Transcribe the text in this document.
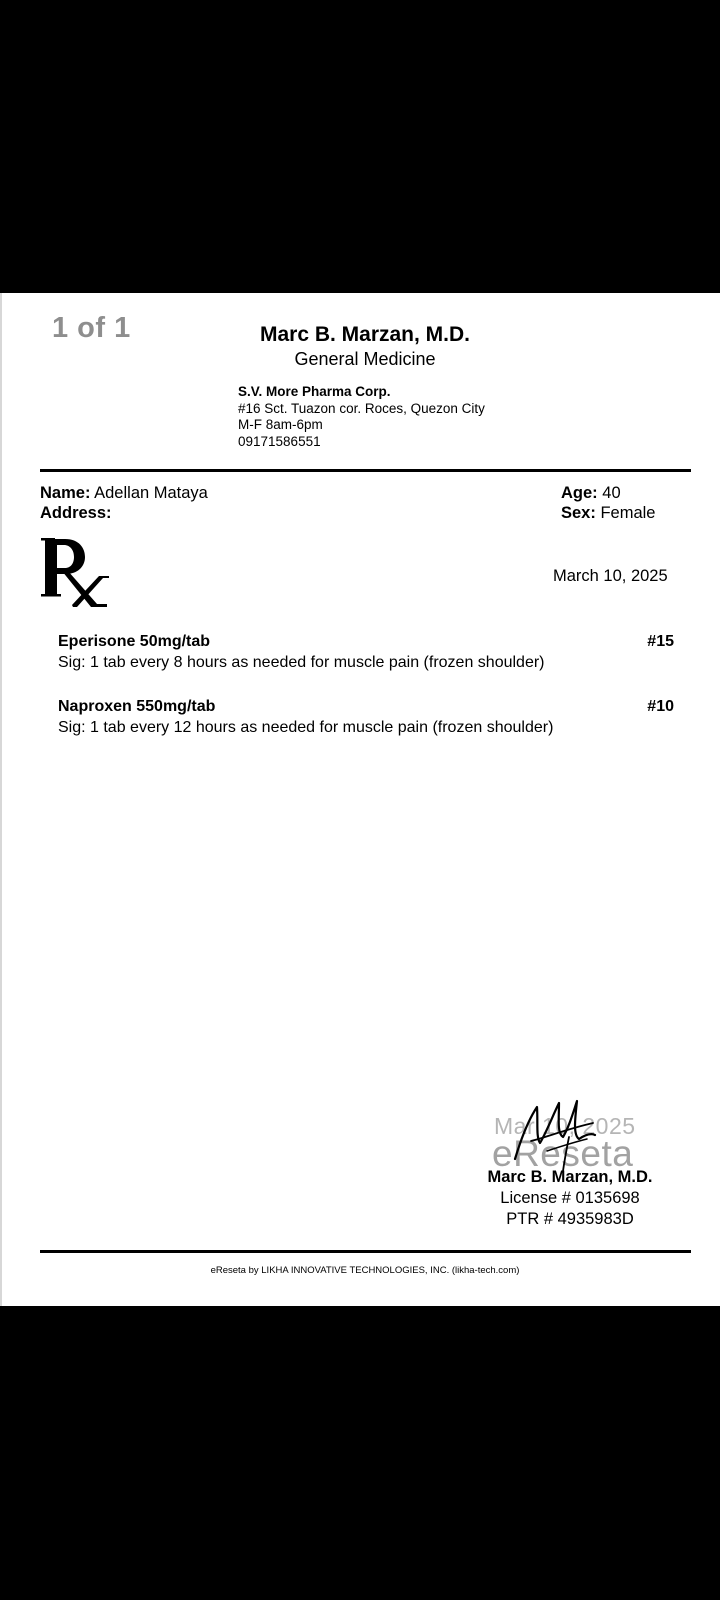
1 of 1	Marc B. Marzan, M.D.
General Medicine
S.V. More Pharma Corp.
#16 Sct. Tuazon cor. Roces, Quezon City
M-F 8am-6pm
09171586551
Name: Adellan Mataya
Address:
Age: 40
Sex: Female
March 10, 2025
Eperisone 50mg/tab	#15
Sig: 1 tab every 8 hours as needed for muscle pain (frozen shoulder)
Naproxen 550mg/tab	#10
Sig: 1 tab every 12 hours as needed for muscle pain (frozen shoulder)
Mar 10, 2025
eReseta
Marc B. Marzan, M.D.
License # 0135698
PTR # 4935983D
eReseta by LIKHA INNOVATIVE TECHNOLOGIES, INC. (likha-tech.com)
